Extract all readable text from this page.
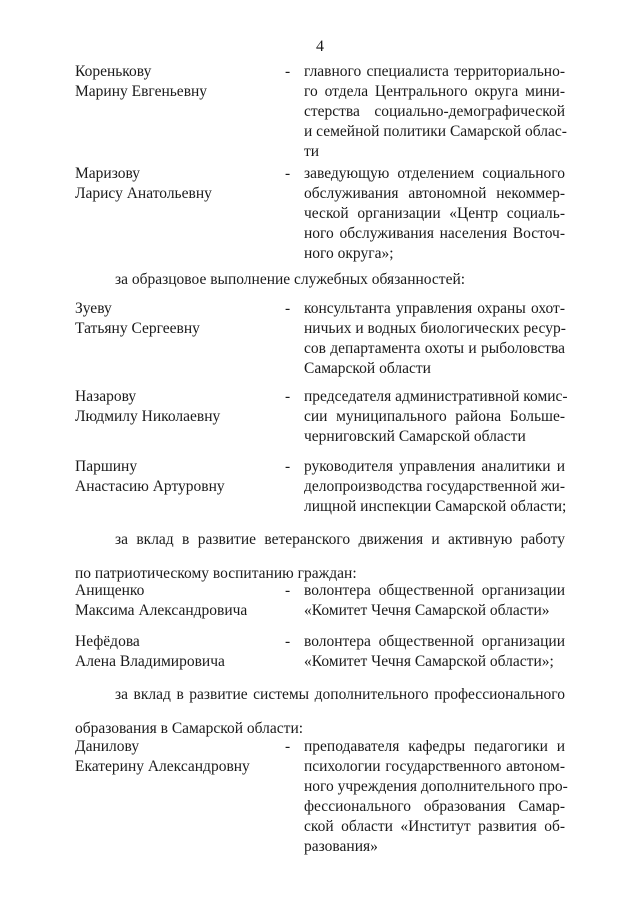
4
Коренькову
Марину Евгеньевну
- главного специалиста территориально-
го отдела Центрального округа мини-
стерства социально-демографической
и семейной политики Самарской облас-
ти
Маризову
Ларису Анатольевну
- заведующую отделением социального
обслуживания автономной некоммер-
ческой организации «Центр социаль-
ного обслуживания населения Восточ-
ного округа»;
за образцовое выполнение служебных обязанностей:
Зуеву
Татьяну Сергеевну
- консультанта управления охраны охот-
ничьих и водных биологических ресур-
сов департамента охоты и рыболовства
Самарской области
Назарову
Людмилу Николаевну
- председателя административной комис-
сии муниципального района Больше-
черниговский Самарской области
Паршину
Анастасию Артуровну
- руководителя управления аналитики и
делопроизводства государственной жи-
лищной инспекции Самарской области;
за вклад в развитие ветеранского движения и активную работу
по патриотическому воспитанию граждан:
Анищенко
Максима Александровича
- волонтера общественной организации
«Комитет Чечня Самарской области»
Нефёдова
Алена Владимировича
- волонтера общественной организации
«Комитет Чечня Самарской области»;
за вклад в развитие системы дополнительного профессионального
образования в Самарской области:
Данилову
Екатерину Александровну
- преподавателя кафедры педагогики и
психологии государственного автоном-
ного учреждения дополнительного про-
фессионального образования Самар-
ской области «Институт развития об-
разования»
